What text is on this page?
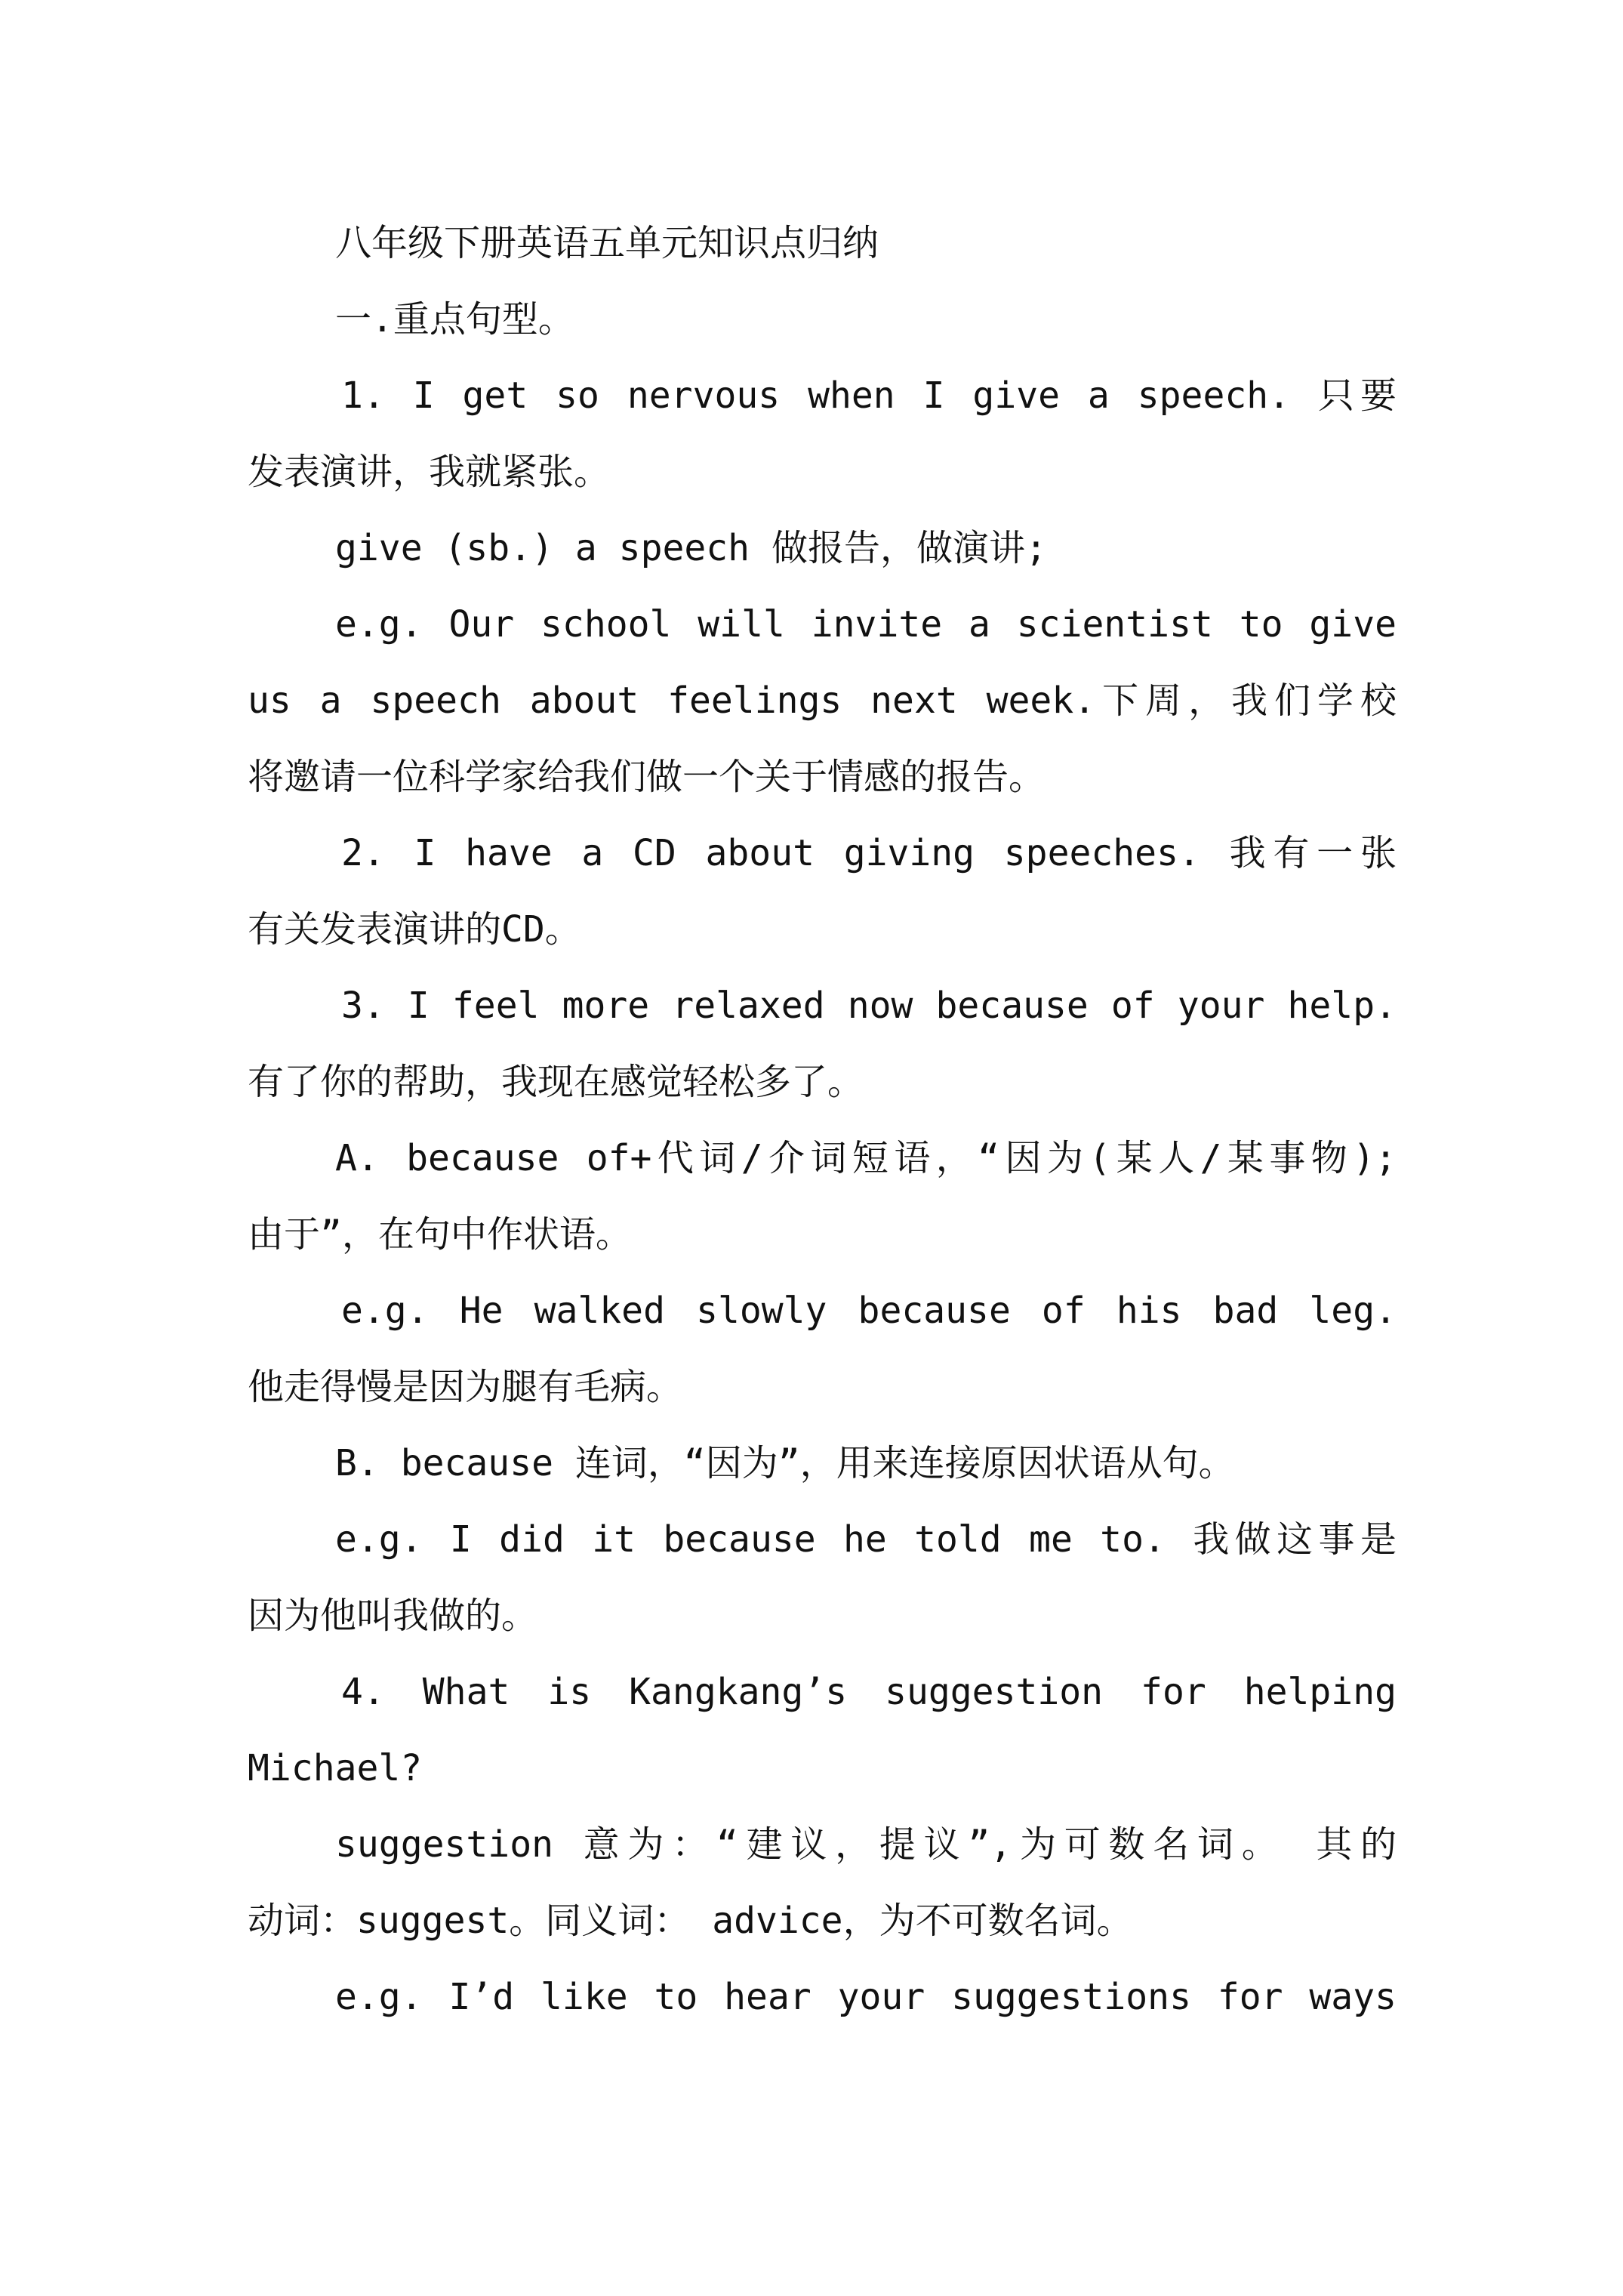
八年级下册英语五单元知识点归纳

一.重点句型。

1. I get so nervous when I give a speech. 只要

发表演讲，我就紧张。

give (sb.) a speech 做报告，做演讲;

e.g. Our school will invite a scientist to give

us a speech about feelings next week.下周，我们学校

将邀请一位科学家给我们做一个关于情感的报告。

2. I have a CD about giving speeches. 我有一张

有关发表演讲的CD。

3. I feel more relaxed now because of your help.

有了你的帮助，我现在感觉轻松多了。

A. because of+代词/介词短语，“因为(某人/某事物);

由于”，在句中作状语。

e.g. He walked slowly because of his bad leg.

他走得慢是因为腿有毛病。

B. because 连词，“因为”，用来连接原因状语从句。

e.g. I did it because he told me to. 我做这事是

因为他叫我做的。

4. What is Kangkang’s suggestion for helping

Michael?

suggestion 意为：“建议，提议”,为可数名词。 其的

动词：suggest。同义词： advice，为不可数名词。

e.g. I’d like to hear your suggestions for ways
